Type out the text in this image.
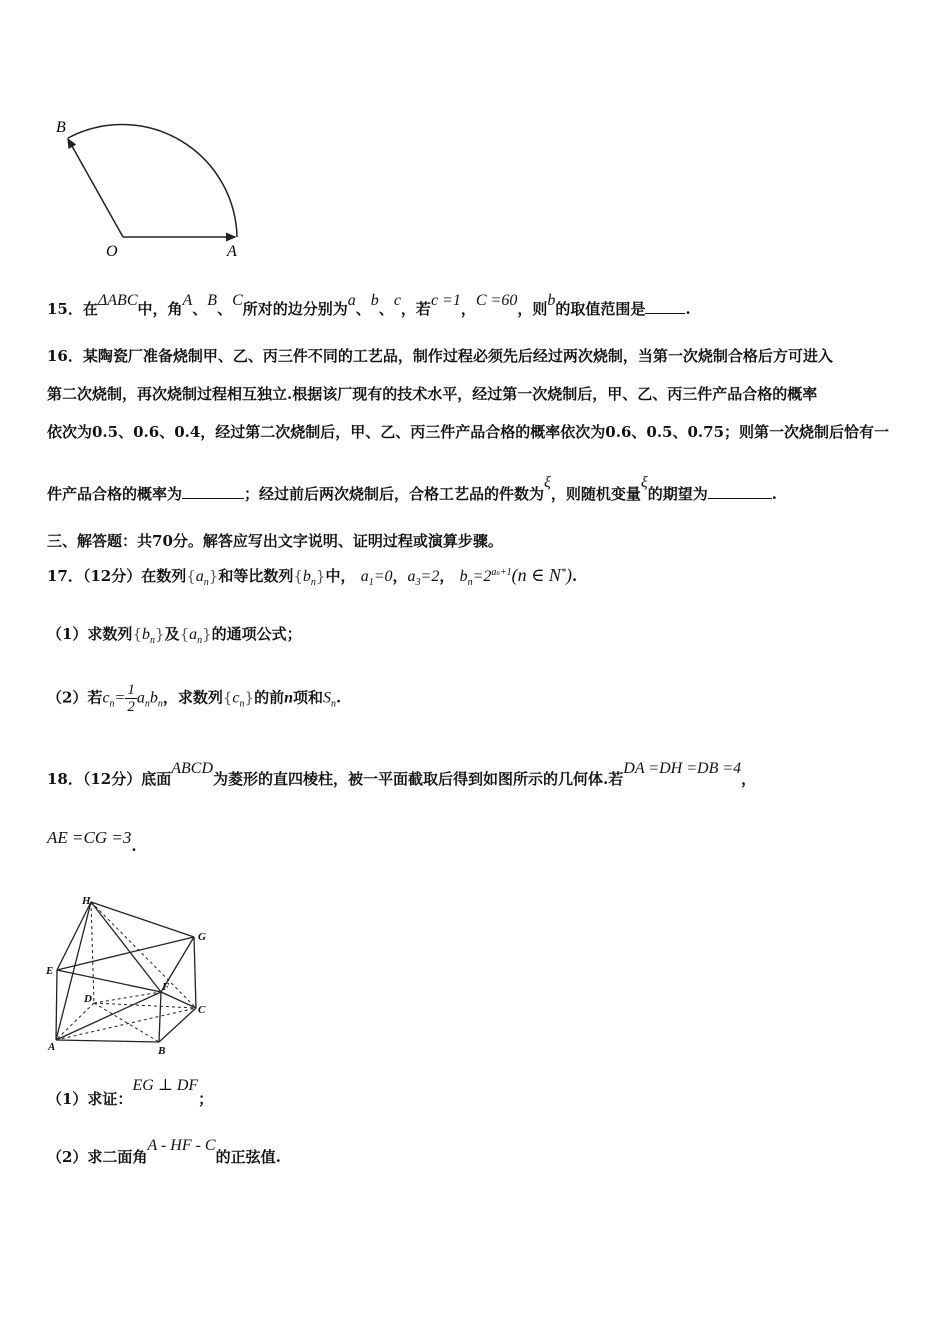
B
O	A
15．在ΔABC中，角A、B、C所对的边分别为a、b、c，若c =1，C =60，则b的取值范围是	.
16．某陶瓷厂准备烧制甲、乙、丙三件不同的工艺品，制作过程必须先后经过两次烧制，当第一次烧制合格后方可进入
第二次烧制，再次烧制过程相互独立.根据该厂现有的技术水平，经过第一次烧制后，甲、乙、丙三件产品合格的概率
依次为0.5、0.6、0.4，经过第二次烧制后，甲、乙、丙三件产品合格的概率依次为0.6、0.5、0.75；则第一次烧制后恰有一
件产品合格的概率为	；经过前后两次烧制后，合格工艺品的件数为ξ，则随机变量ξ的期望为	.
三、解答题：共70分。解答应写出文字说明、证明过程或演算步骤。
17．（12分）在数列$\{a_n\}$和等比数列$\{b_n\}$中， $a_1=0$，$a_3=2$， $b_n=2^{an+1}(n$ ∈ N*).
（1）求数列$\{b_n\}$及$\{a_n\}$的通项公式；
（2）若$c_n= \frac{1}{2} a_nb_n$，求数列$\{c_n\}$的前n项和$S_n$.
18．（12分）底面ABCD为菱形的直四棱柱，被一平面截取后得到如图所示的几何体.若DA =DH =DB =4，
AE =CG =3.
H
G
E
F
D
C
A	B
（1）求证：EG ⊥ DF；
（2）求二面角A - HF - C的正弦值.
